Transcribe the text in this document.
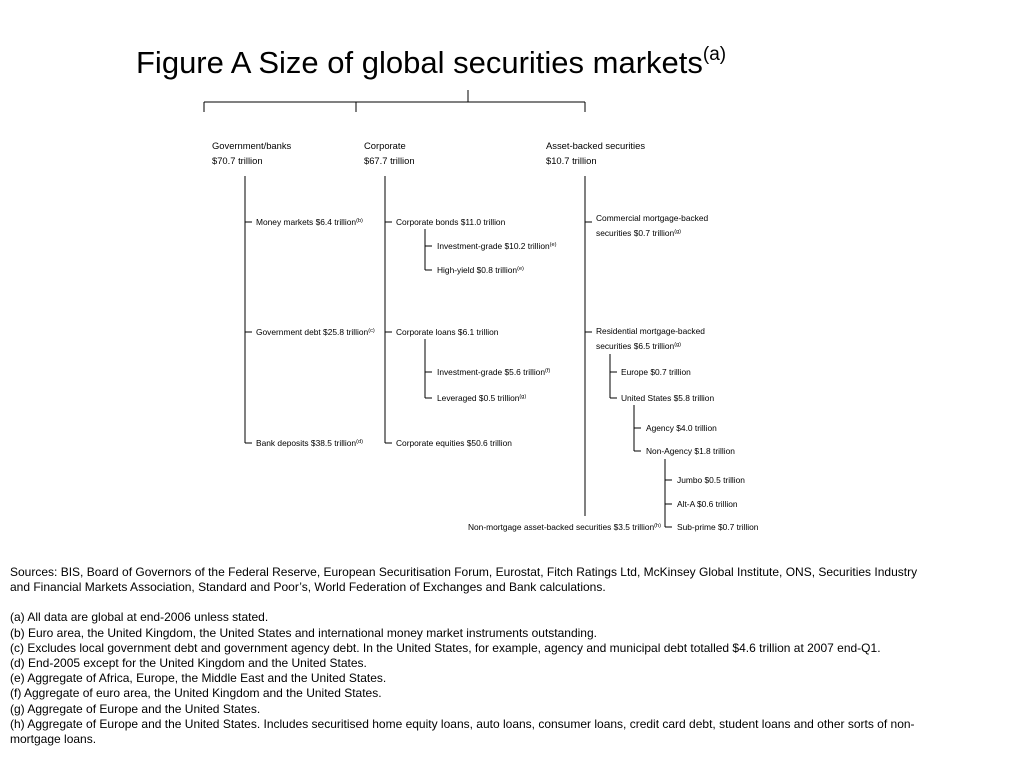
Figure A Size of global securities markets$^{(a)}$
Government/banks
$70.7 trillion
Corporate
$67.7 trillion
Asset-backed securities
$10.7 trillion
Money markets $6.4 trillion$^{(b)}$
Government debt $25.8 trillion$^{(c)}$
Bank deposits $38.5 trillion$^{(d)}$
Corporate bonds $11.0 trillion
Investment-grade $10.2 trillion$^{(e)}$
High-yield $0.8 trillion$^{(e)}$
Corporate loans $6.1 trillion
Investment-grade $5.6 trillion$^{(f)}$
Leveraged $0.5 trillion$^{(g)}$
Corporate equities $50.6 trillion
Commercial mortgage-backed
securities $0.7 trillion$^{(g)}$
Residential mortgage-backed
securities $6.5 trillion$^{(g)}$
Europe $0.7 trillion
United States $5.8 trillion
Agency $4.0 trillion
Non-Agency $1.8 trillion
Jumbo $0.5 trillion
Alt-A $0.6 trillion
Sub-prime $0.7 trillion
Non-mortgage asset-backed securities $3.5 trillion$^{(h)}$

Sources: BIS, Board of Governors of the Federal Reserve, European Securitisation Forum, Eurostat, Fitch Ratings Ltd, McKinsey Global Institute, ONS, Securities Industry and Financial Markets Association, Standard and Poor’s, World Federation of Exchanges and Bank calculations.

(a) All data are global at end-2006 unless stated.

(b) Euro area, the United Kingdom, the United States and international money market instruments outstanding.

(c) Excludes local government debt and government agency debt. In the United States, for example, agency and municipal debt totalled $4.6 trillion at 2007 end-Q1.

(d) End-2005 except for the United Kingdom and the United States.

(e) Aggregate of Africa, Europe, the Middle East and the United States.

(f) Aggregate of euro area, the United Kingdom and the United States.

(g) Aggregate of Europe and the United States.

(h) Aggregate of Europe and the United States. Includes securitised home equity loans, auto loans, consumer loans, credit card debt, student loans and other sorts of non-mortgage loans.
